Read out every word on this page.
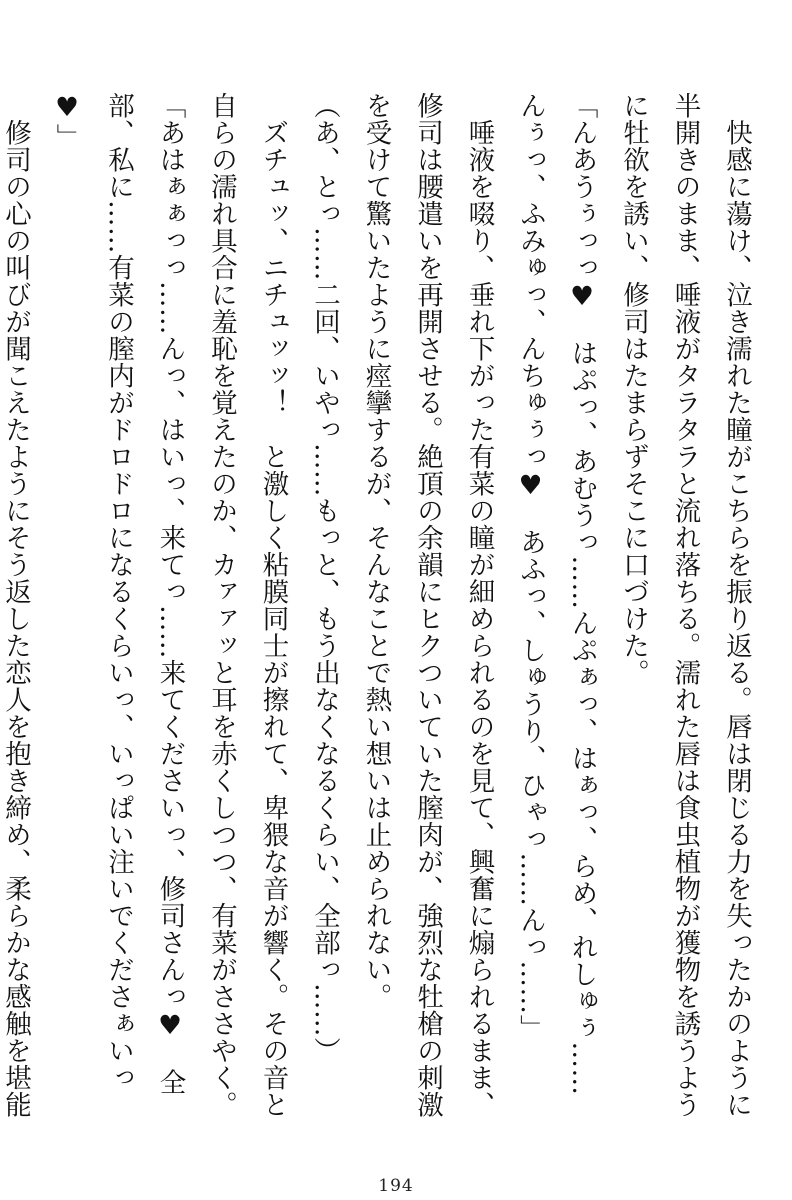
快感に蕩け、泣き濡れた瞳がこちらを振り返る。唇は閉じる力を失ったかのように半開きのまま、唾液がタラタラと流れ落ちる。濡れた唇は食虫植物が獲物を誘うように牡欲を誘い、修司はたまらずそこに口づけた。

「んあうぅっっ♥　はぷっ、あむうっ……んぷぁっ、はぁっ、らめ、れしゅぅ……んぅっ、ふみゅっ、んちゅぅっ♥　あふっ、しゅうり、ひゃっ……んっ……」

唾液を啜り、垂れ下がった有菜の瞳が細められるのを見て、興奮に煽られるまま、修司は腰遣いを再開させる。絶頂の余韻にヒクついていた膣肉が、強烈な牡槍の刺激を受けて驚いたように痙攣するが、そんなことで熱い想いは止められない。

（あ、とっ……二回、いやっ……もっと、もう出なくなるくらい、全部っ……）

ズチュッ、ニチュッッ！　と激しく粘膜同士が擦れて、卑猥な音が響く。その音と自らの濡れ具合に羞恥を覚えたのか、カァァッと耳を赤くしつつ、有菜がささやく。

「あはぁぁっっ……んっ、はいっ、来てっ……来てくださいっ、修司さんっ♥　全部、私に……有菜の膣内がドロドロになるくらいっ、いっぱい注いでくださぁいっ♥」

修司の心の叫びが聞こえたようにそう返した恋人を抱き締め、柔らかな感触を堪能

194
